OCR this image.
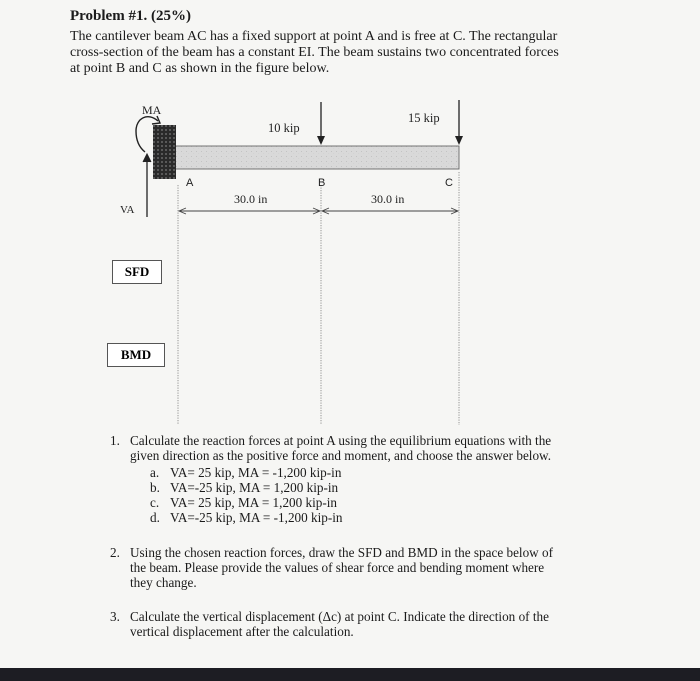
Problem #1. (25%)
The cantilever beam AC has a fixed support at point A and is free at C. The rectangular
cross-section of the beam has a constant EI. The beam sustains two concentrated forces
at point B and C as shown in the figure below.
MA
VA
10 kip
15 kip
A	B	C
30.0 in	30.0 in
SFD
BMD
1. Calculate the reaction forces at point A using the equilibrium equations with the
given direction as the positive force and moment, and choose the answer below.
a. VA= 25 kip, MA = -1,200 kip-in
b. VA=-25 kip, MA = 1,200 kip-in
c. VA= 25 kip, MA = 1,200 kip-in
d. VA=-25 kip, MA = -1,200 kip-in
2. Using the chosen reaction forces, draw the SFD and BMD in the space below of
the beam. Please provide the values of shear force and bending moment where
they change.
3. Calculate the vertical displacement (Δc) at point C. Indicate the direction of the
vertical displacement after the calculation.
